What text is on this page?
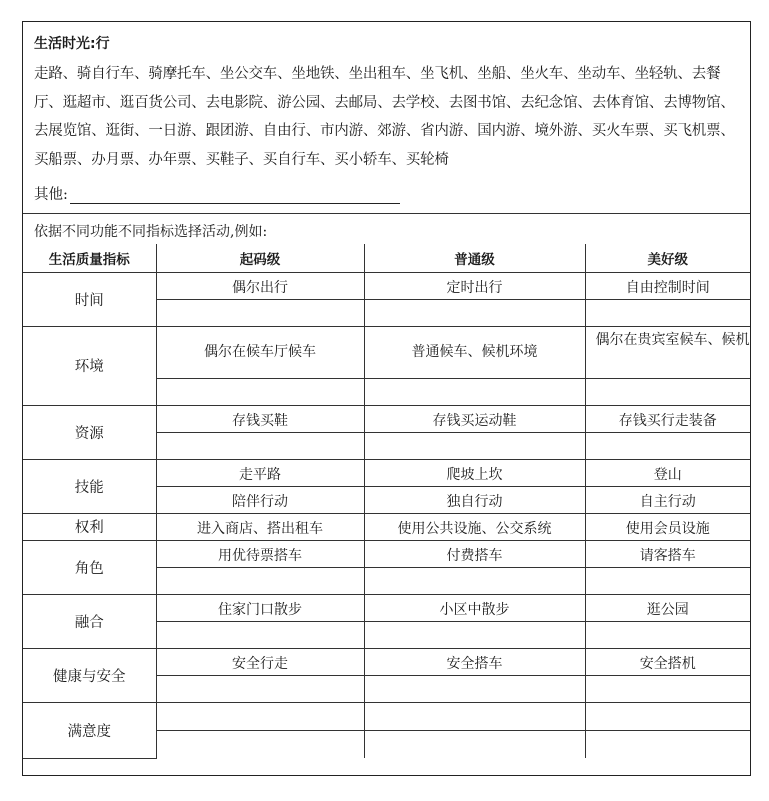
生活时光:行

走路、骑自行车、骑摩托车、坐公交车、坐地铁、坐出租车、坐飞机、坐船、坐火车、坐动车、坐轻轨、去餐厅、逛超市、逛百货公司、去电影院、游公园、去邮局、去学校、去图书馆、去纪念馆、去体育馆、去博物馆、去展览馆、逛街、一日游、跟团游、自由行、市内游、郊游、省内游、国内游、境外游、买火车票、买飞机票、买船票、办月票、办年票、买鞋子、买自行车、买小轿车、买轮椅

其他:
依据不同功能不同指标选择活动,例如:
生活质量指标	起码级	普通级	美好级
时间	偶尔出行	定时出行	自由控制时间

环境	偶尔在候车厅候车	普通候车、候机环境	偶尔在贵宾室候车、候机

资源	存钱买鞋	存钱买运动鞋	存钱买行走装备

技能	走平路	爬坡上坎	登山
	陪伴行动	独自行动	自主行动
权利	进入商店、搭出租车	使用公共设施、公交系统	使用会员设施
角色	用优待票搭车	付费搭车	请客搭车

融合	住家门口散步	小区中散步	逛公园

健康与安全	安全行走	安全搭车	安全搭机

满意度			
